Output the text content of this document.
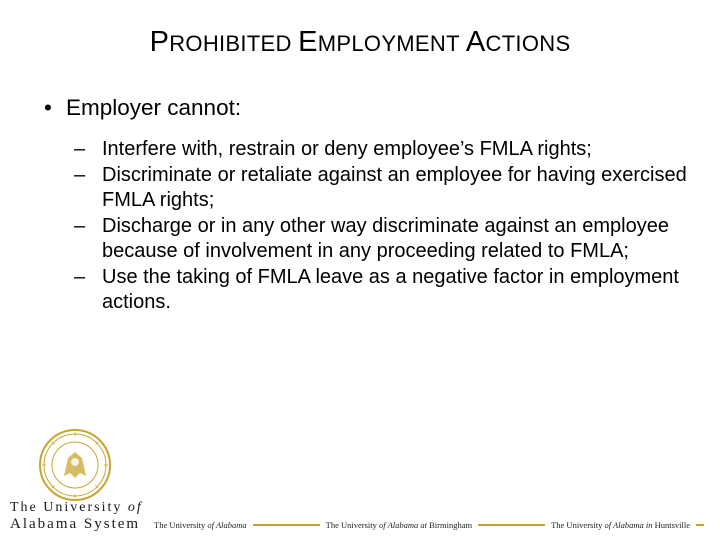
PROHIBITED EMPLOYMENT ACTIONS
• Employer cannot:
– Interfere with, restrain or deny employee’s FMLA rights;
– Discriminate or retaliate against an employee for having exercised FMLA rights;
– Discharge or in any other way discriminate against an employee because of involvement in any proceeding related to FMLA;
– Use the taking of FMLA leave as a negative factor in employment actions.
The University of
Alabama System	The University of Alabama	The University of Alabama at Birmingham	The University of Alabama in Huntsville
